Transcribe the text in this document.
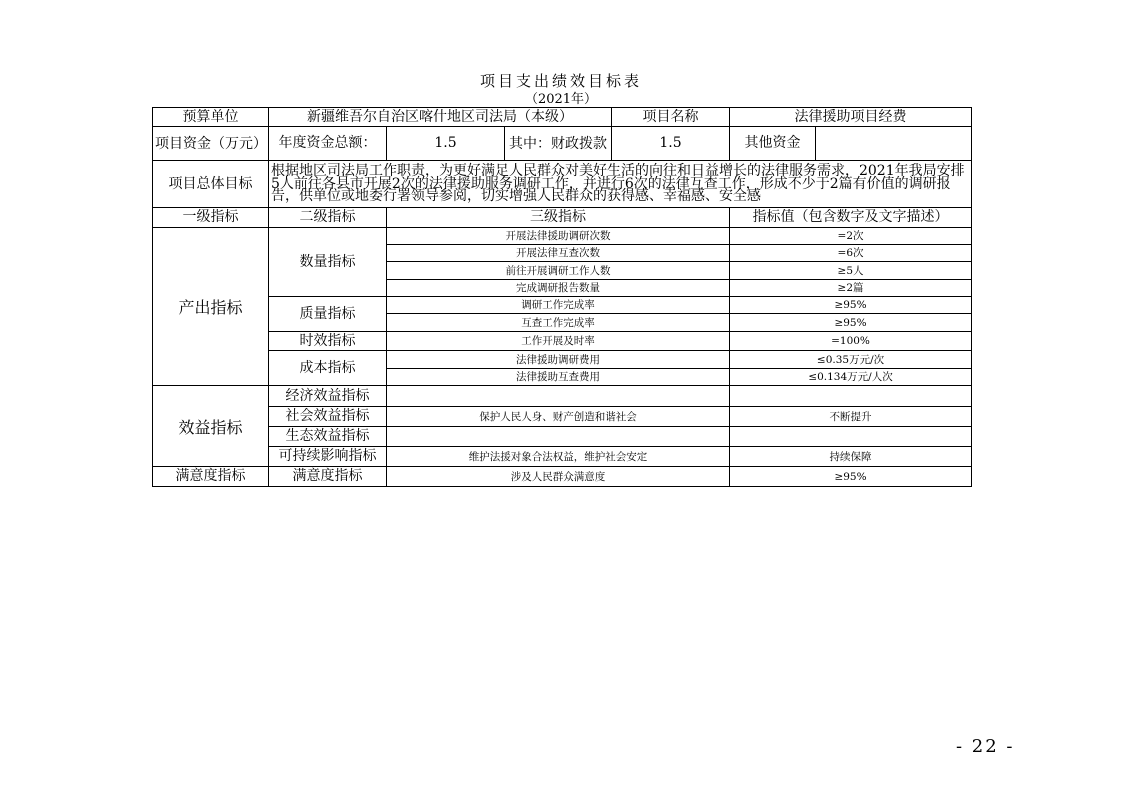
项目支出绩效目标表
（2021年）
预算单位	新疆维吾尔自治区喀什地区司法局（本级）			项目名称	法律援助项目经费	
项目资金（万元）	年度资金总额：	1.5	其中：财政拨款	1.5	其他资金	
项目总体目标	根据地区司法局工作职责，为更好满足人民群众对美好生活的向往和日益增长的法律服务需求，2021年我局安排5人前往各县市开展2次的法律援助服务调研工作，并进行6次的法律互查工作，形成不少于2篇有价值的调研报告，供单位或地委行署领导参阅，切实增强人民群众的获得感、幸福感、安全感					
一级指标	二级指标	三级指标			指标值（包含数字及文字描述）	
产出指标	数量指标	开展法律援助调研次数			=2次	
		开展法律互查次数			=6次	
		前往开展调研工作人数			≥5人	
		完成调研报告数量			≥2篇	
	质量指标	调研工作完成率			≥95%	
		互查工作完成率			≥95%	
	时效指标	工作开展及时率			=100%	
	成本指标	法律援助调研费用			≤0.35万元/次	
		法律援助互查费用			≤0.134万元/人次	
效益指标	经济效益指标					
	社会效益指标	保护人民人身、财产创造和谐社会			不断提升	
	生态效益指标					
	可持续影响指标	维护法援对象合法权益，维护社会安定			持续保障	
满意度指标	满意度指标	涉及人民群众满意度			≥95%	
- 22 -
